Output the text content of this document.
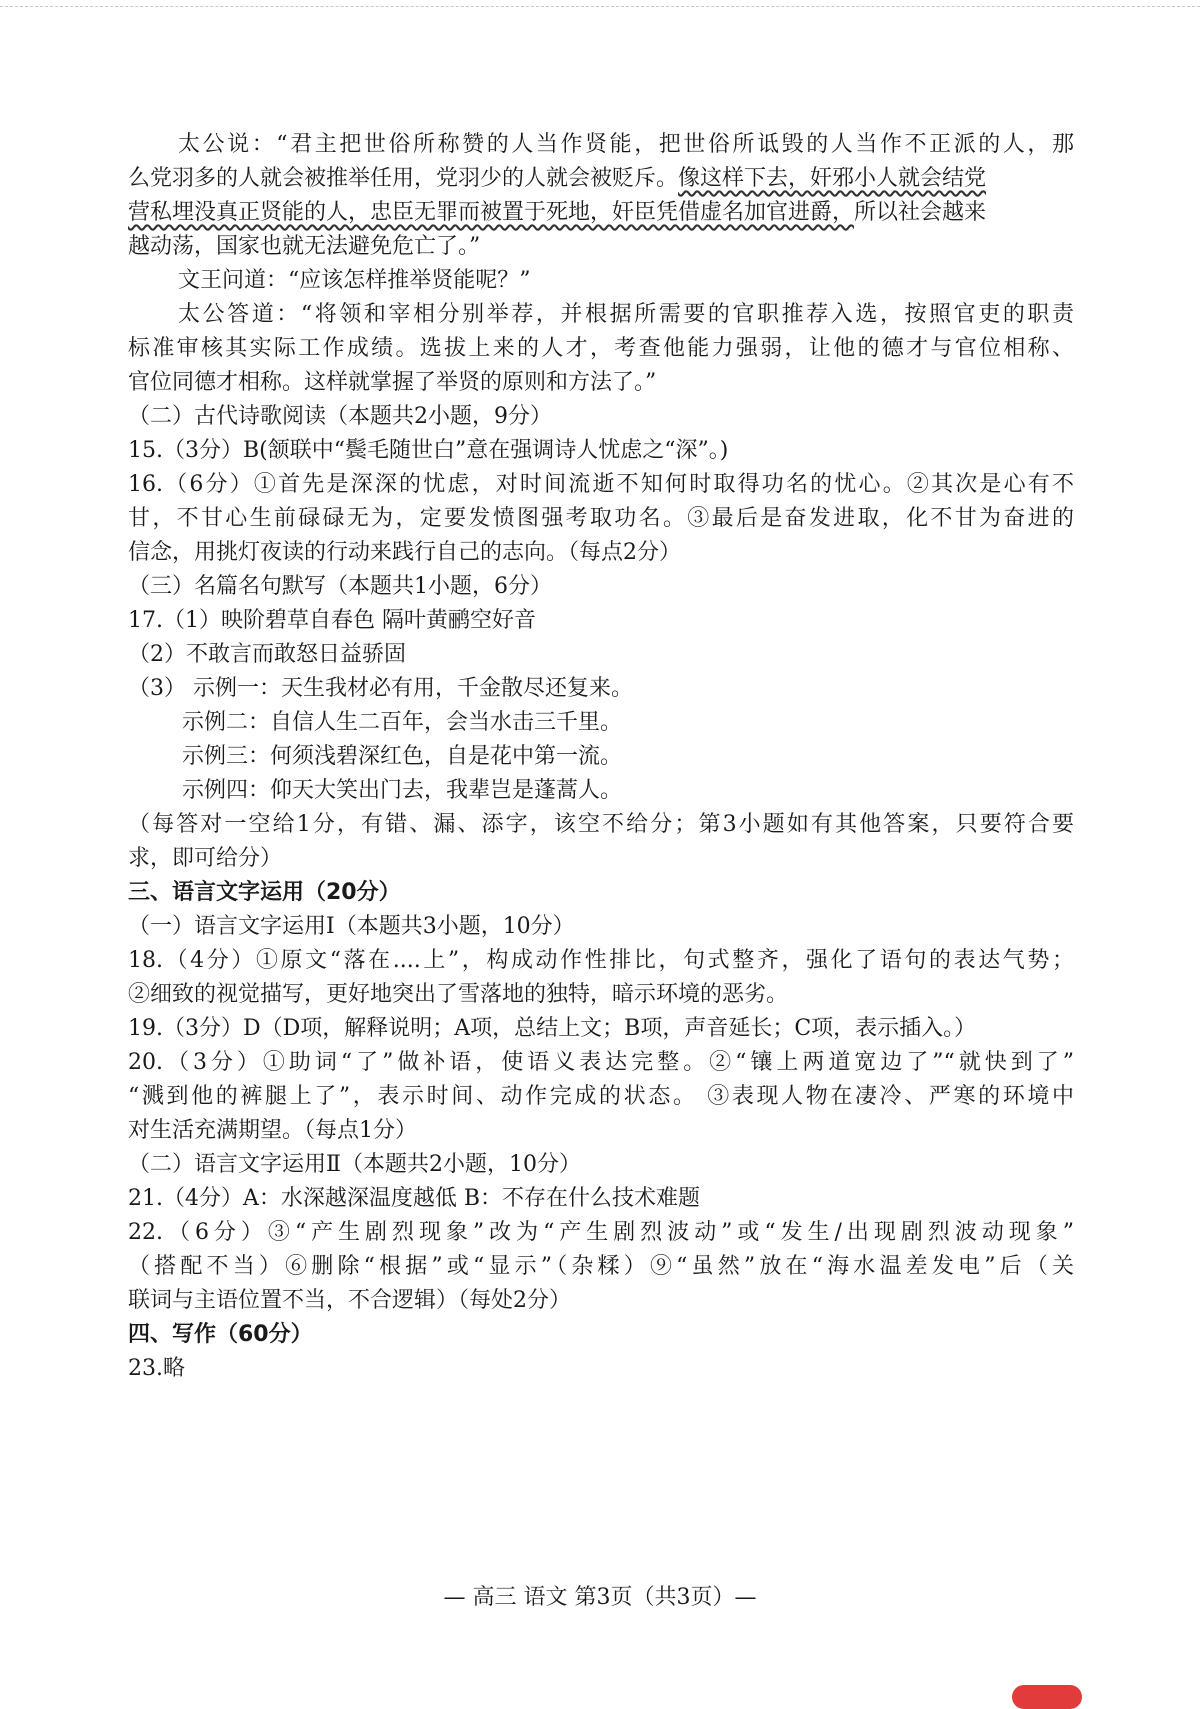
太公说：“君主把世俗所称赞的人当作贤能，把世俗所诋毁的人当作不正派的人，那
么党羽多的人就会被推举任用，党羽少的人就会被贬斥。像这样下去，奸邪小人就会结党
营私埋没真正贤能的人，忠臣无罪而被置于死地，奸臣凭借虚名加官进爵，所以社会越来
越动荡，国家也就无法避免危亡了。”
文王问道：“应该怎样推举贤能呢？”
太公答道：“将领和宰相分别举荐，并根据所需要的官职推荐入选，按照官吏的职责
标准审核其实际工作成绩。选拔上来的人才，考查他能力强弱，让他的德才与官位相称、
官位同德才相称。这样就掌握了举贤的原则和方法了。”
（二）古代诗歌阅读（本题共2小题，9分）
15.（3分）B(颔联中“鬓毛随世白”意在强调诗人忧虑之“深”。)
16.（6分）①首先是深深的忧虑，对时间流逝不知何时取得功名的忧心。②其次是心有不
甘，不甘心生前碌碌无为，定要发愤图强考取功名。③最后是奋发进取，化不甘为奋进的
信念，用挑灯夜读的行动来践行自己的志向。（每点2分）
（三）名篇名句默写（本题共1小题，6分）
17.（1）映阶碧草自春色 隔叶黄鹂空好音
（2）不敢言而敢怒日益骄固
（3） 示例一：天生我材必有用，千金散尽还复来。
示例二：自信人生二百年，会当水击三千里。
示例三：何须浅碧深红色，自是花中第一流。
示例四：仰天大笑出门去，我辈岂是蓬蒿人。
（每答对一空给1分，有错、漏、添字，该空不给分；第3小题如有其他答案，只要符合要
求，即可给分）
三、语言文字运用（20分）
（一）语言文字运用Ⅰ（本题共3小题，10分）
18.（4分）①原文“落在....上”，构成动作性排比，句式整齐，强化了语句的表达气势；
②细致的视觉描写，更好地突出了雪落地的独特，暗示环境的恶劣。
19.（3分）D（D项，解释说明；A项，总结上文；B项，声音延长；C项，表示插入。）
20.（3分）①助词“了”做补语，使语义表达完整。②“镶上两道宽边了”“就快到了”
“溅到他的裤腿上了”，表示时间、动作完成的状态。 ③表现人物在凄冷、严寒的环境中
对生活充满期望。（每点1分）
（二）语言文字运用Ⅱ（本题共2小题，10分）
21.（4分）A：水深越深温度越低 B：不存在什么技术难题
22.（6分）③“产生剧烈现象”改为“产生剧烈波动”或“发生/出现剧烈波动现象”
（搭配不当）⑥删除“根据”或“显示”（杂糅）⑨“虽然”放在“海水温差发电”后（关
联词与主语位置不当，不合逻辑）（每处2分）
四、写作（60分）
23.略
— 高三 语文 第3页（共3页）—
